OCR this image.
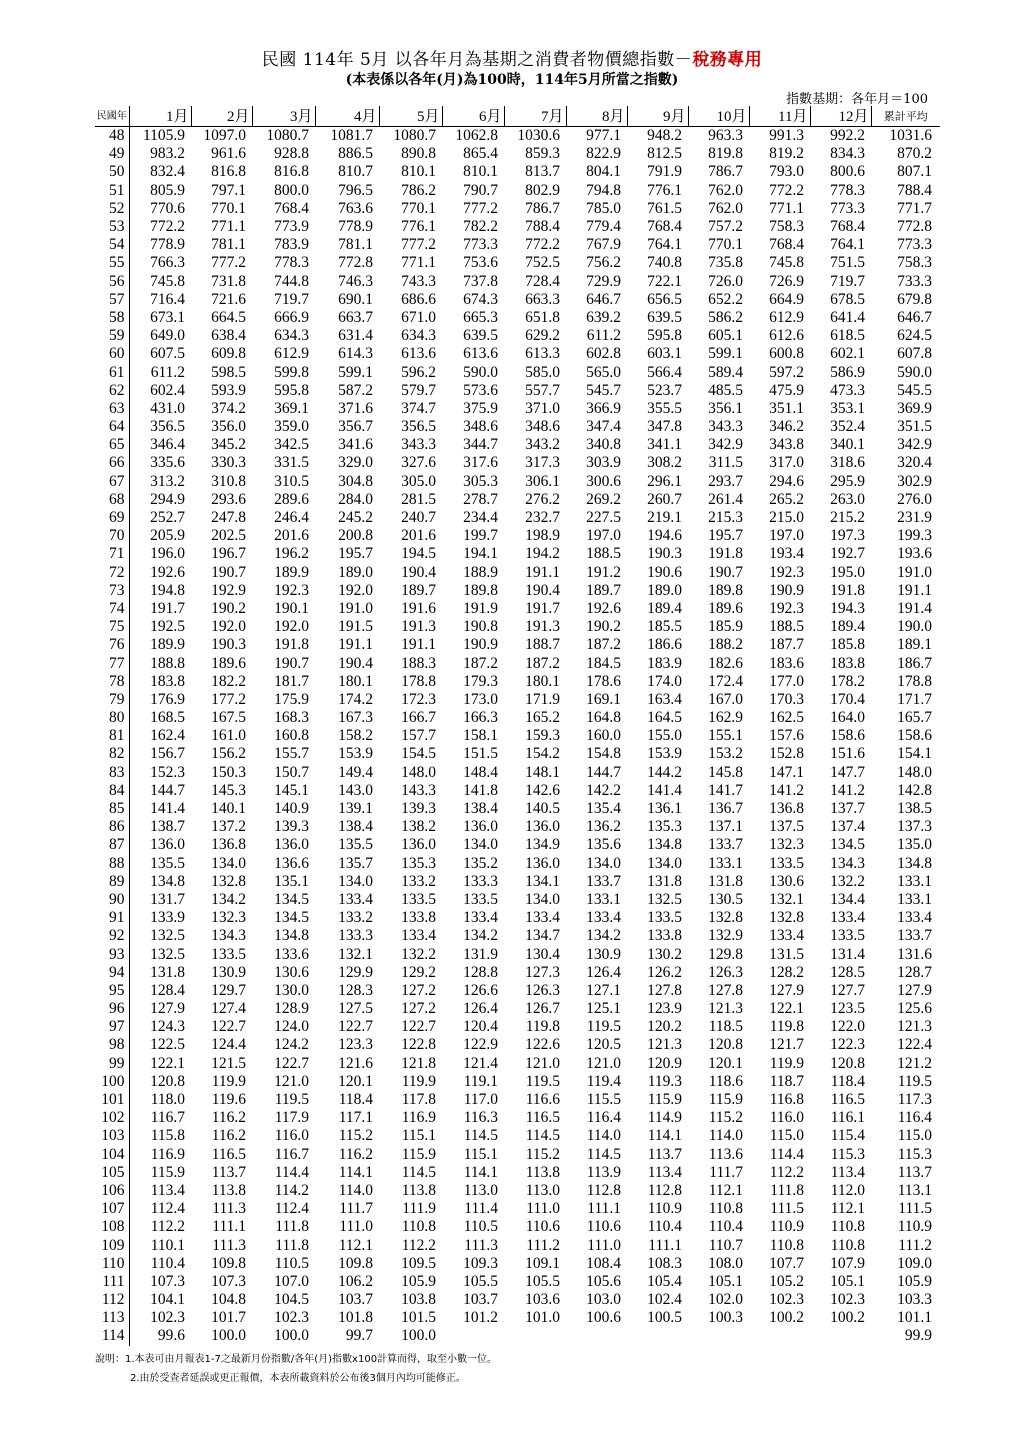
民國 114年 5月 以各年月為基期之消費者物價總指數－稅務專用
(本表係以各年(月)為100時，114年5月所當之指數)
指數基期：各年月＝100
民國年	1月	2月	3月	4月	5月	6月	7月	8月	9月	10月	11月	12月	累計平均
48	1105.9	1097.0	1080.7	1081.7	1080.7	1062.8	1030.6	977.1	948.2	963.3	991.3	992.2	1031.6
49	983.2	961.6	928.8	886.5	890.8	865.4	859.3	822.9	812.5	819.8	819.2	834.3	870.2
50	832.4	816.8	816.8	810.7	810.1	810.1	813.7	804.1	791.9	786.7	793.0	800.6	807.1
51	805.9	797.1	800.0	796.5	786.2	790.7	802.9	794.8	776.1	762.0	772.2	778.3	788.4
52	770.6	770.1	768.4	763.6	770.1	777.2	786.7	785.0	761.5	762.0	771.1	773.3	771.7
53	772.2	771.1	773.9	778.9	776.1	782.2	788.4	779.4	768.4	757.2	758.3	768.4	772.8
54	778.9	781.1	783.9	781.1	777.2	773.3	772.2	767.9	764.1	770.1	768.4	764.1	773.3
55	766.3	777.2	778.3	772.8	771.1	753.6	752.5	756.2	740.8	735.8	745.8	751.5	758.3
56	745.8	731.8	744.8	746.3	743.3	737.8	728.4	729.9	722.1	726.0	726.9	719.7	733.3
57	716.4	721.6	719.7	690.1	686.6	674.3	663.3	646.7	656.5	652.2	664.9	678.5	679.8
58	673.1	664.5	666.9	663.7	671.0	665.3	651.8	639.2	639.5	586.2	612.9	641.4	646.7
59	649.0	638.4	634.3	631.4	634.3	639.5	629.2	611.2	595.8	605.1	612.6	618.5	624.5
60	607.5	609.8	612.9	614.3	613.6	613.6	613.3	602.8	603.1	599.1	600.8	602.1	607.8
61	611.2	598.5	599.8	599.1	596.2	590.0	585.0	565.0	566.4	589.4	597.2	586.9	590.0
62	602.4	593.9	595.8	587.2	579.7	573.6	557.7	545.7	523.7	485.5	475.9	473.3	545.5
63	431.0	374.2	369.1	371.6	374.7	375.9	371.0	366.9	355.5	356.1	351.1	353.1	369.9
64	356.5	356.0	359.0	356.7	356.5	348.6	348.6	347.4	347.8	343.3	346.2	352.4	351.5
65	346.4	345.2	342.5	341.6	343.3	344.7	343.2	340.8	341.1	342.9	343.8	340.1	342.9
66	335.6	330.3	331.5	329.0	327.6	317.6	317.3	303.9	308.2	311.5	317.0	318.6	320.4
67	313.2	310.8	310.5	304.8	305.0	305.3	306.1	300.6	296.1	293.7	294.6	295.9	302.9
68	294.9	293.6	289.6	284.0	281.5	278.7	276.2	269.2	260.7	261.4	265.2	263.0	276.0
69	252.7	247.8	246.4	245.2	240.7	234.4	232.7	227.5	219.1	215.3	215.0	215.2	231.9
70	205.9	202.5	201.6	200.8	201.6	199.7	198.9	197.0	194.6	195.7	197.0	197.3	199.3
71	196.0	196.7	196.2	195.7	194.5	194.1	194.2	188.5	190.3	191.8	193.4	192.7	193.6
72	192.6	190.7	189.9	189.0	190.4	188.9	191.1	191.2	190.6	190.7	192.3	195.0	191.0
73	194.8	192.9	192.3	192.0	189.7	189.8	190.4	189.7	189.0	189.8	190.9	191.8	191.1
74	191.7	190.2	190.1	191.0	191.6	191.9	191.7	192.6	189.4	189.6	192.3	194.3	191.4
75	192.5	192.0	192.0	191.5	191.3	190.8	191.3	190.2	185.5	185.9	188.5	189.4	190.0
76	189.9	190.3	191.8	191.1	191.1	190.9	188.7	187.2	186.6	188.2	187.7	185.8	189.1
77	188.8	189.6	190.7	190.4	188.3	187.2	187.2	184.5	183.9	182.6	183.6	183.8	186.7
78	183.8	182.2	181.7	180.1	178.8	179.3	180.1	178.6	174.0	172.4	177.0	178.2	178.8
79	176.9	177.2	175.9	174.2	172.3	173.0	171.9	169.1	163.4	167.0	170.3	170.4	171.7
80	168.5	167.5	168.3	167.3	166.7	166.3	165.2	164.8	164.5	162.9	162.5	164.0	165.7
81	162.4	161.0	160.8	158.2	157.7	158.1	159.3	160.0	155.0	155.1	157.6	158.6	158.6
82	156.7	156.2	155.7	153.9	154.5	151.5	154.2	154.8	153.9	153.2	152.8	151.6	154.1
83	152.3	150.3	150.7	149.4	148.0	148.4	148.1	144.7	144.2	145.8	147.1	147.7	148.0
84	144.7	145.3	145.1	143.0	143.3	141.8	142.6	142.2	141.4	141.7	141.2	141.2	142.8
85	141.4	140.1	140.9	139.1	139.3	138.4	140.5	135.4	136.1	136.7	136.8	137.7	138.5
86	138.7	137.2	139.3	138.4	138.2	136.0	136.0	136.2	135.3	137.1	137.5	137.4	137.3
87	136.0	136.8	136.0	135.5	136.0	134.0	134.9	135.6	134.8	133.7	132.3	134.5	135.0
88	135.5	134.0	136.6	135.7	135.3	135.2	136.0	134.0	134.0	133.1	133.5	134.3	134.8
89	134.8	132.8	135.1	134.0	133.2	133.3	134.1	133.7	131.8	131.8	130.6	132.2	133.1
90	131.7	134.2	134.5	133.4	133.5	133.5	134.0	133.1	132.5	130.5	132.1	134.4	133.1
91	133.9	132.3	134.5	133.2	133.8	133.4	133.4	133.4	133.5	132.8	132.8	133.4	133.4
92	132.5	134.3	134.8	133.3	133.4	134.2	134.7	134.2	133.8	132.9	133.4	133.5	133.7
93	132.5	133.5	133.6	132.1	132.2	131.9	130.4	130.9	130.2	129.8	131.5	131.4	131.6
94	131.8	130.9	130.6	129.9	129.2	128.8	127.3	126.4	126.2	126.3	128.2	128.5	128.7
95	128.4	129.7	130.0	128.3	127.2	126.6	126.3	127.1	127.8	127.8	127.9	127.7	127.9
96	127.9	127.4	128.9	127.5	127.2	126.4	126.7	125.1	123.9	121.3	122.1	123.5	125.6
97	124.3	122.7	124.0	122.7	122.7	120.4	119.8	119.5	120.2	118.5	119.8	122.0	121.3
98	122.5	124.4	124.2	123.3	122.8	122.9	122.6	120.5	121.3	120.8	121.7	122.3	122.4
99	122.1	121.5	122.7	121.6	121.8	121.4	121.0	121.0	120.9	120.1	119.9	120.8	121.2
100	120.8	119.9	121.0	120.1	119.9	119.1	119.5	119.4	119.3	118.6	118.7	118.4	119.5
101	118.0	119.6	119.5	118.4	117.8	117.0	116.6	115.5	115.9	115.9	116.8	116.5	117.3
102	116.7	116.2	117.9	117.1	116.9	116.3	116.5	116.4	114.9	115.2	116.0	116.1	116.4
103	115.8	116.2	116.0	115.2	115.1	114.5	114.5	114.0	114.1	114.0	115.0	115.4	115.0
104	116.9	116.5	116.7	116.2	115.9	115.1	115.2	114.5	113.7	113.6	114.4	115.3	115.3
105	115.9	113.7	114.4	114.1	114.5	114.1	113.8	113.9	113.4	111.7	112.2	113.4	113.7
106	113.4	113.8	114.2	114.0	113.8	113.0	113.0	112.8	112.8	112.1	111.8	112.0	113.1
107	112.4	111.3	112.4	111.7	111.9	111.4	111.0	111.1	110.9	110.8	111.5	112.1	111.5
108	112.2	111.1	111.8	111.0	110.8	110.5	110.6	110.6	110.4	110.4	110.9	110.8	110.9
109	110.1	111.3	111.8	112.1	112.2	111.3	111.2	111.0	111.1	110.7	110.8	110.8	111.2
110	110.4	109.8	110.5	109.8	109.5	109.3	109.1	108.4	108.3	108.0	107.7	107.9	109.0
111	107.3	107.3	107.0	106.2	105.9	105.5	105.5	105.6	105.4	105.1	105.2	105.1	105.9
112	104.1	104.8	104.5	103.7	103.8	103.7	103.6	103.0	102.4	102.0	102.3	102.3	103.3
113	102.3	101.7	102.3	101.8	101.5	101.2	101.0	100.6	100.5	100.3	100.2	100.2	101.1
114	99.6	100.0	100.0	99.7	100.0								99.9
說明：1.本表可由月報表1-7之最新月份指數/各年(月)指數x100計算而得，取至小數一位。
2.由於受查者延誤或更正報價，本表所載資料於公布後3個月內均可能修正。
